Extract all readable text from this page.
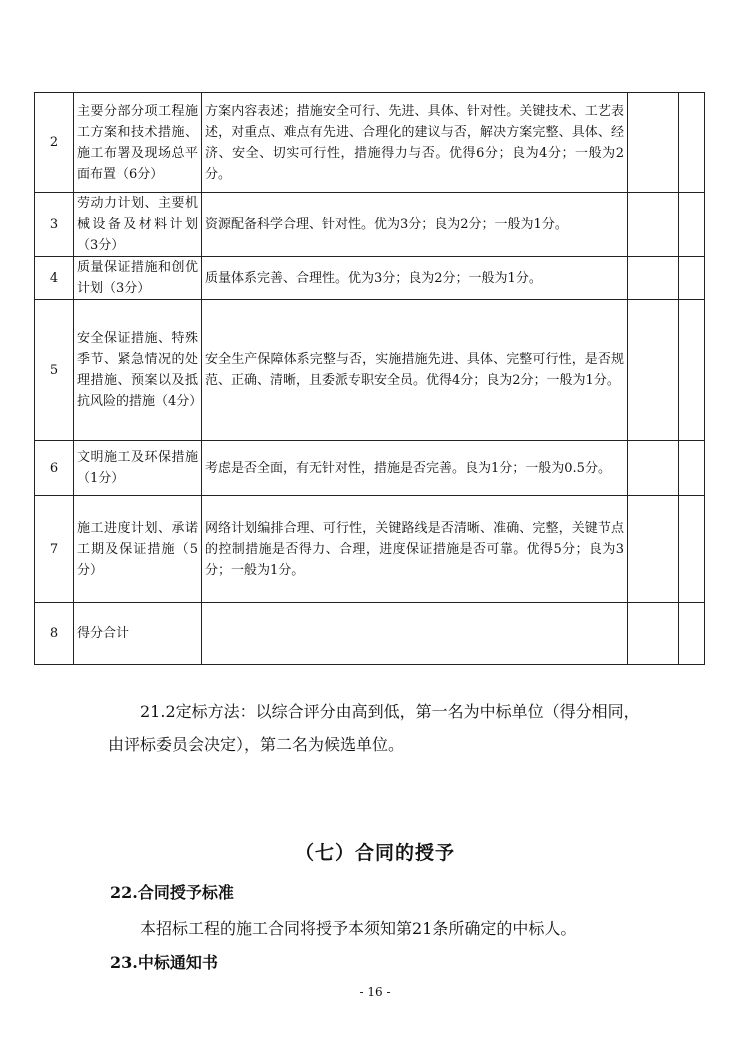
2	主要分部分项工程施工方案和技术措施、施工布署及现场总平面布置（6分）	方案内容表述；措施安全可行、先进、具体、针对性。关键技术、工艺表述，对重点、难点有先进、合理化的建议与否，解决方案完整、具体、经济、安全、切实可行性，措施得力与否。优得6分；良为4分；一般为2分。		
3	劳动力计划、主要机械设备及材料计划（3分）	资源配备科学合理、针对性。优为3分；良为2分；一般为1分。		
4	质量保证措施和创优计划（3分）	质量体系完善、合理性。优为3分；良为2分；一般为1分。		
5	安全保证措施、特殊季节、紧急情况的处理措施、预案以及抵抗风险的措施（4分）	安全生产保障体系完整与否，实施措施先进、具体、完整可行性，是否规范、正确、清晰，且委派专职安全员。优得4分；良为2分；一般为1分。		
6	文明施工及环保措施（1分）	考虑是否全面，有无针对性，措施是否完善。良为1分；一般为0.5分。		
7	施工进度计划、承诺工期及保证措施（5分）	网络计划编排合理、可行性，关键路线是否清晰、准确、完整，关键节点的控制措施是否得力、合理，进度保证措施是否可靠。优得5分；良为3分；一般为1分。		
8	得分合计			
21.2定标方法：以综合评分由高到低，第一名为中标单位（得分相同，由评标委员会决定），第二名为候选单位。
（七）合同的授予
22.合同授予标准
本招标工程的施工合同将授予本须知第21条所确定的中标人。
23.中标通知书
- 16 -
